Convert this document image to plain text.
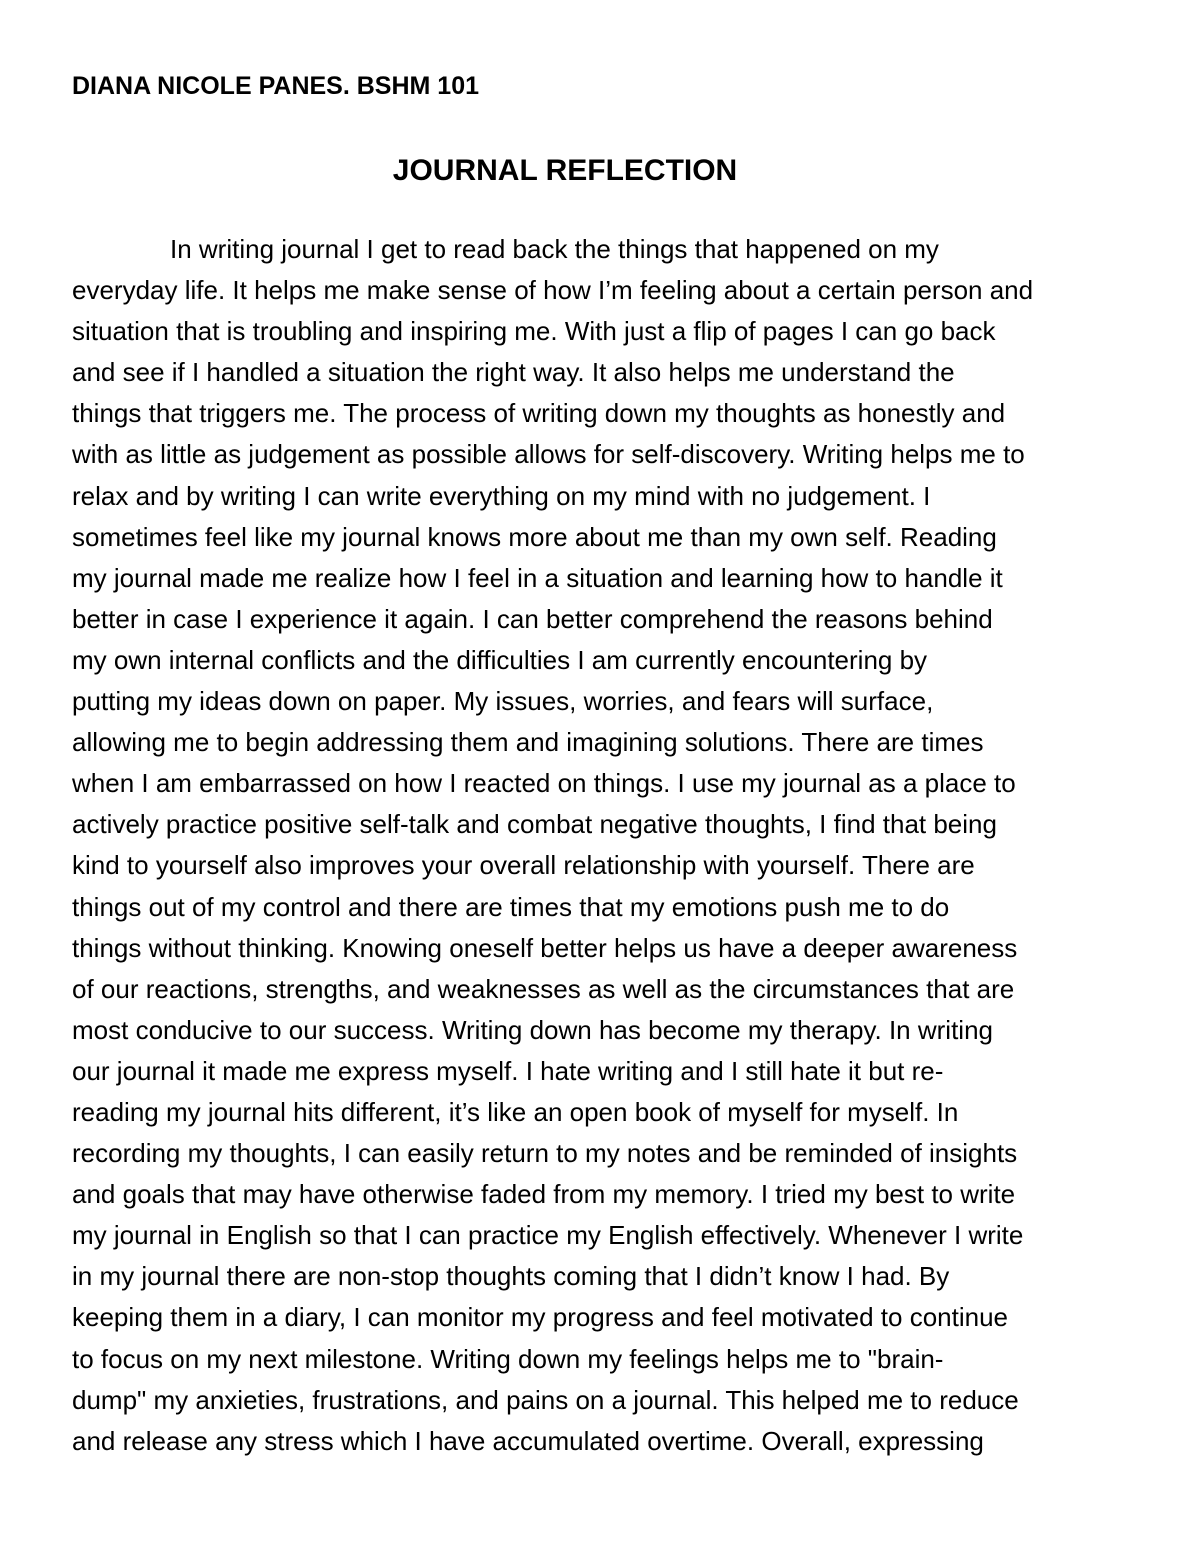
DIANA NICOLE PANES. BSHM 101
JOURNAL REFLECTION
In writing journal I get to read back the things that happened on my
everyday life. It helps me make sense of how I’m feeling about a certain person and
situation that is troubling and inspiring me. With just a flip of pages I can go back
and see if I handled a situation the right way. It also helps me understand the
things that triggers me. The process of writing down my thoughts as honestly and
with as little as judgement as possible allows for self-discovery. Writing helps me to
relax and by writing I can write everything on my mind with no judgement. I
sometimes feel like my journal knows more about me than my own self. Reading
my journal made me realize how I feel in a situation and learning how to handle it
better in case I experience it again. I can better comprehend the reasons behind
my own internal conflicts and the difficulties I am currently encountering by
putting my ideas down on paper. My issues, worries, and fears will surface,
allowing me to begin addressing them and imagining solutions. There are times
when I am embarrassed on how I reacted on things. I use my journal as a place to
actively practice positive self-talk and combat negative thoughts, I find that being
kind to yourself also improves your overall relationship with yourself. There are
things out of my control and there are times that my emotions push me to do
things without thinking. Knowing oneself better helps us have a deeper awareness
of our reactions, strengths, and weaknesses as well as the circumstances that are
most conducive to our success. Writing down has become my therapy. In writing
our journal it made me express myself. I hate writing and I still hate it but re-
reading my journal hits different, it’s like an open book of myself for myself. In
recording my thoughts, I can easily return to my notes and be reminded of insights
and goals that may have otherwise faded from my memory. I tried my best to write
my journal in English so that I can practice my English effectively. Whenever I write
in my journal there are non-stop thoughts coming that I didn’t know I had. By
keeping them in a diary, I can monitor my progress and feel motivated to continue
to focus on my next milestone. Writing down my feelings helps me to "brain-
dump" my anxieties, frustrations, and pains on a journal. This helped me to reduce
and release any stress which I have accumulated overtime. Overall, expressing
